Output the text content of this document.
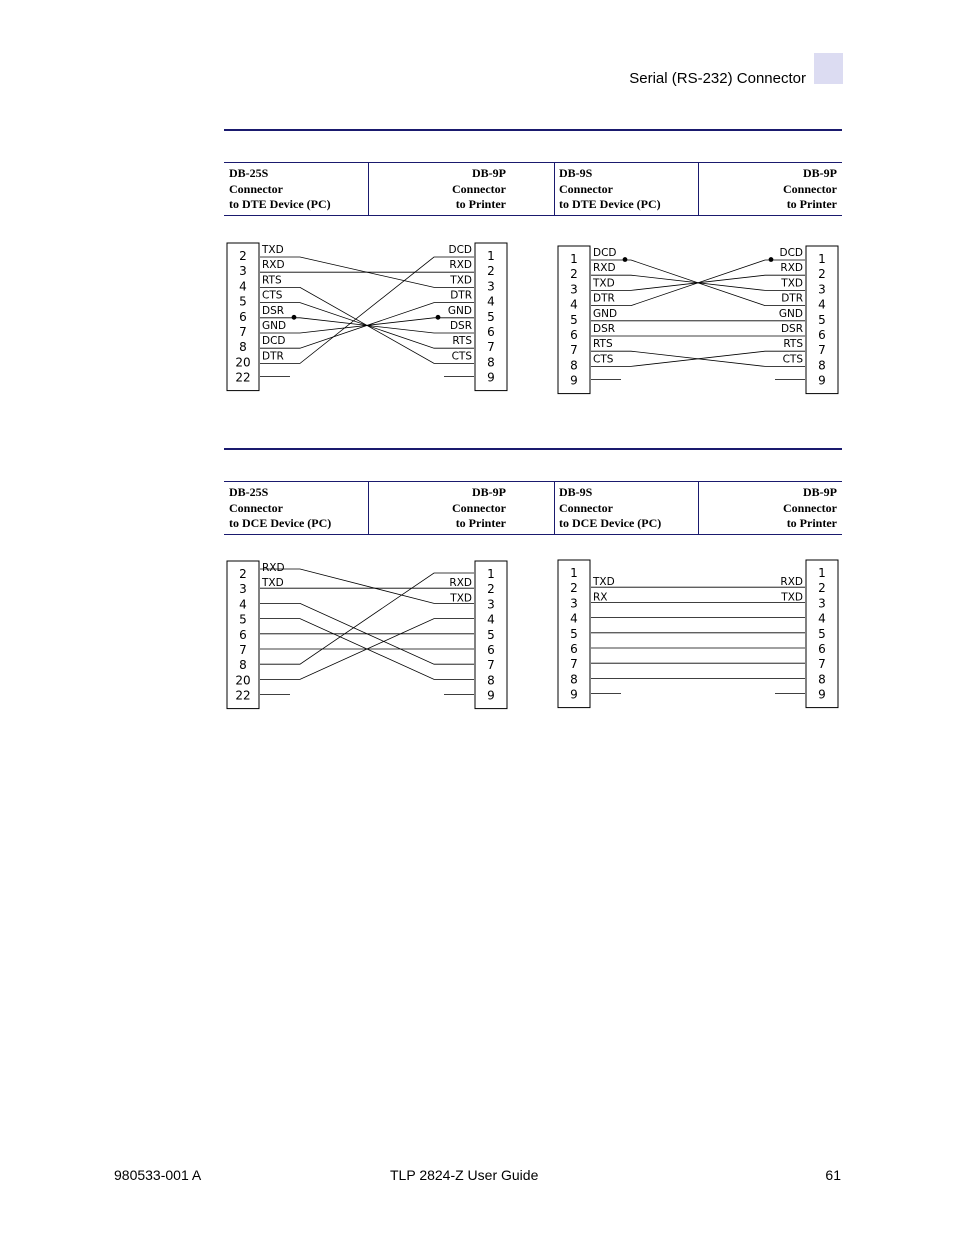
Serial (RS-232) Connector
DB-25S
Connector
to DTE Device (PC)
DB-9P
Connector
to Printer
DB-9S
Connector
to DTE Device (PC)
DB-9P
Connector
to Printer
2
3
4
5
6
7
8
20
22
1
2
3
4
5
6
7
8
9
TXD
RXD
RTS
CTS
DSR
GND
DCD
DTR
DCD
RXD
TXD
DTR
GND
DSR
RTS
CTS
1
2
3
4
5
6
7
8
9
1
2
3
4
5
6
7
8
9
DCD
RXD
TXD
DTR
GND
DSR
RTS
CTS
DCD
RXD
TXD
DTR
GND
DSR
RTS
CTS
DB-25S
Connector
to DCE Device (PC)
DB-9P
Connector
to Printer
DB-9S
Connector
to DCE Device (PC)
DB-9P
Connector
to Printer
2
3
4
5
6
7
8
20
22
1
2
3
4
5
6
7
8
9
RXD
TXD	RXD
TXD
1
2
3
4
5
6
7
8
9
1
2
3
4
5
6
7
8
9
TXD
RX
RXD
TXD
980533-001 A	TLP 2824-Z User Guide	61
